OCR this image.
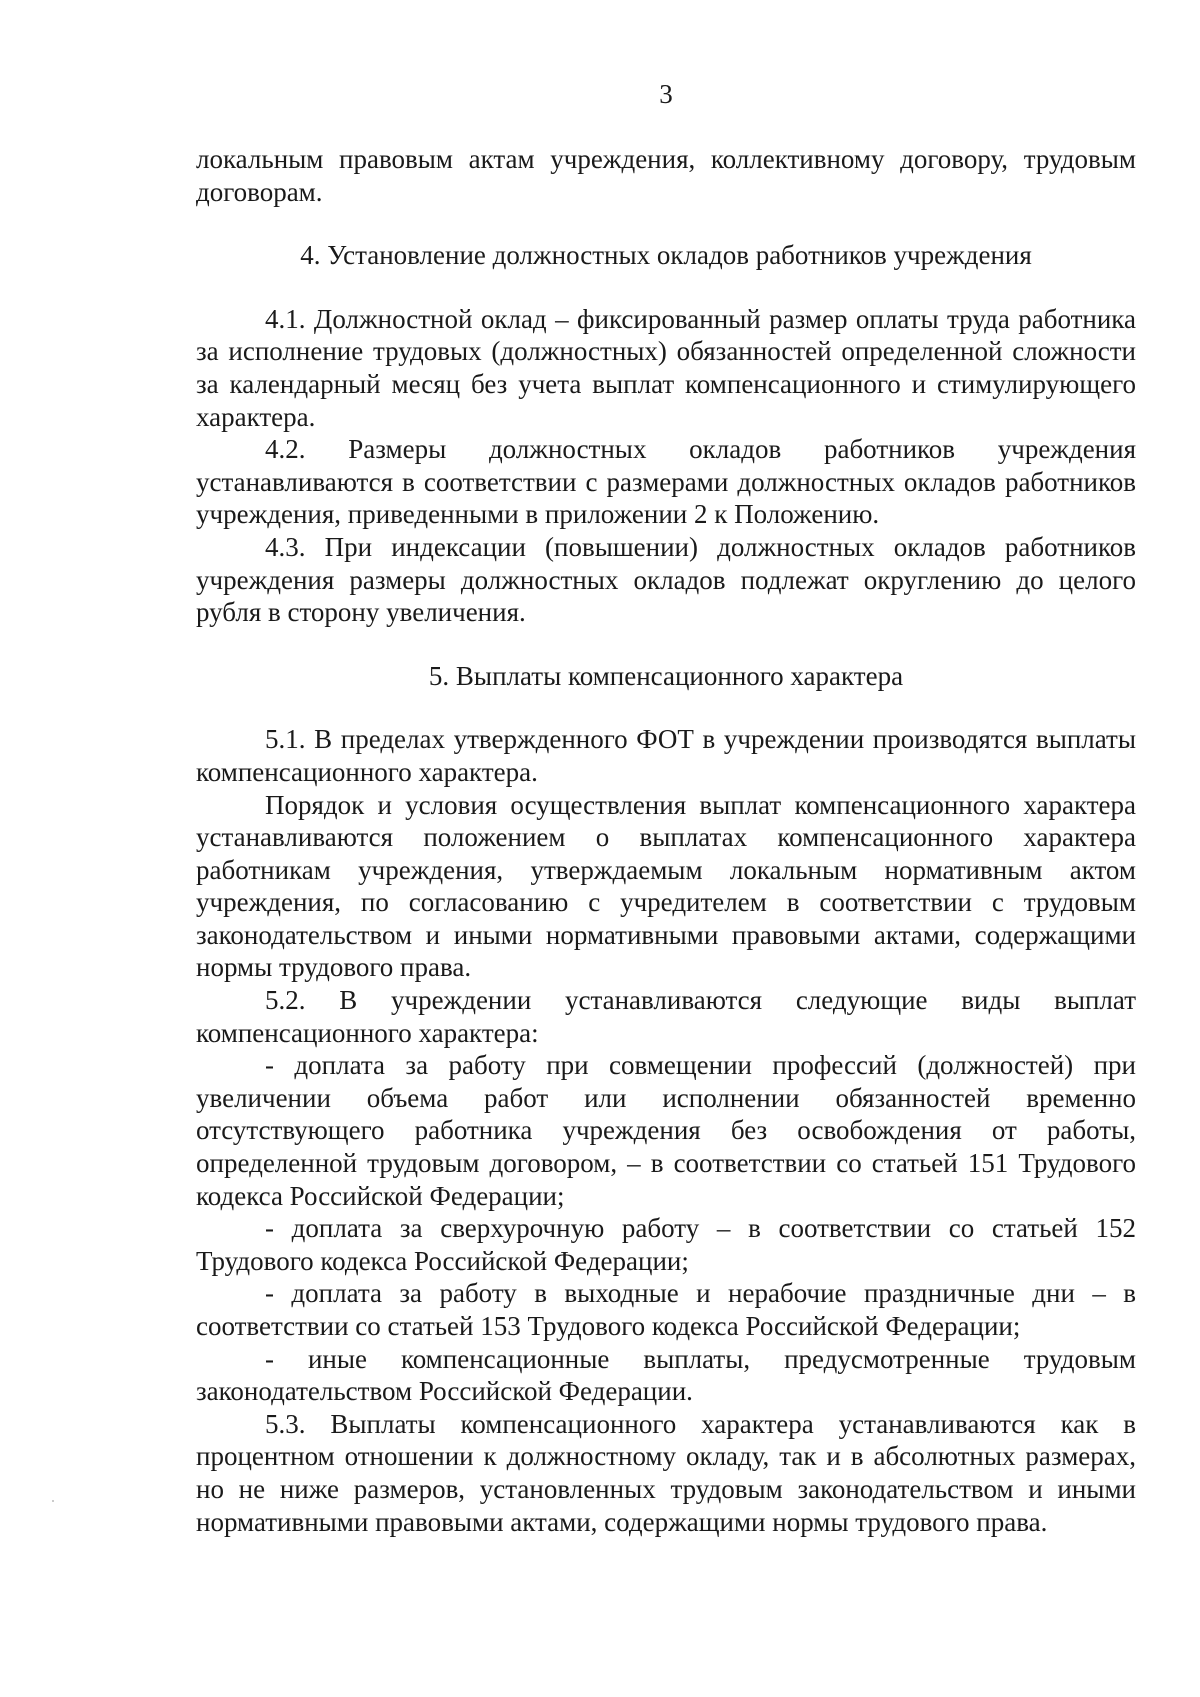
3

локальным правовым актам учреждения, коллективному договору, трудовым договорам.

4. Установление должностных окладов работников учреждения

4.1. Должностной оклад – фиксированный размер оплаты труда работника за исполнение трудовых (должностных) обязанностей определенной сложности за календарный месяц без учета выплат компенсационного и стимулирующего характера.

4.2. Размеры должностных окладов работников учреждения устанавливаются в соответствии с размерами должностных окладов работников учреждения, приведенными в приложении 2 к Положению.

4.3. При индексации (повышении) должностных окладов работников учреждения размеры должностных окладов подлежат округлению до целого рубля в сторону увеличения.

5. Выплаты компенсационного характера

5.1. В пределах утвержденного ФОТ в учреждении производятся выплаты компенсационного характера.

Порядок и условия осуществления выплат компенсационного характера устанавливаются положением о выплатах компенсационного характера работникам учреждения, утверждаемым локальным нормативным актом учреждения, по согласованию с учредителем в соответствии с трудовым законодательством и иными нормативными правовыми актами, содержащими нормы трудового права.

5.2. В учреждении устанавливаются следующие виды выплат компенсационного характера:

- доплата за работу при совмещении профессий (должностей) при увеличении объема работ или исполнении обязанностей временно отсутствующего работника учреждения без освобождения от работы, определенной трудовым договором, – в соответствии со статьей 151 Трудового кодекса Российской Федерации;

- доплата за сверхурочную работу – в соответствии со статьей 152 Трудового кодекса Российской Федерации;

- доплата за работу в выходные и нерабочие праздничные дни – в соответствии со статьей 153 Трудового кодекса Российской Федерации;

- иные компенсационные выплаты, предусмотренные трудовым законодательством Российской Федерации.

5.3. Выплаты компенсационного характера устанавливаются как в процентном отношении к должностному окладу, так и в абсолютных размерах, но не ниже размеров, установленных трудовым законодательством и иными нормативными правовыми актами, содержащими нормы трудового права.
